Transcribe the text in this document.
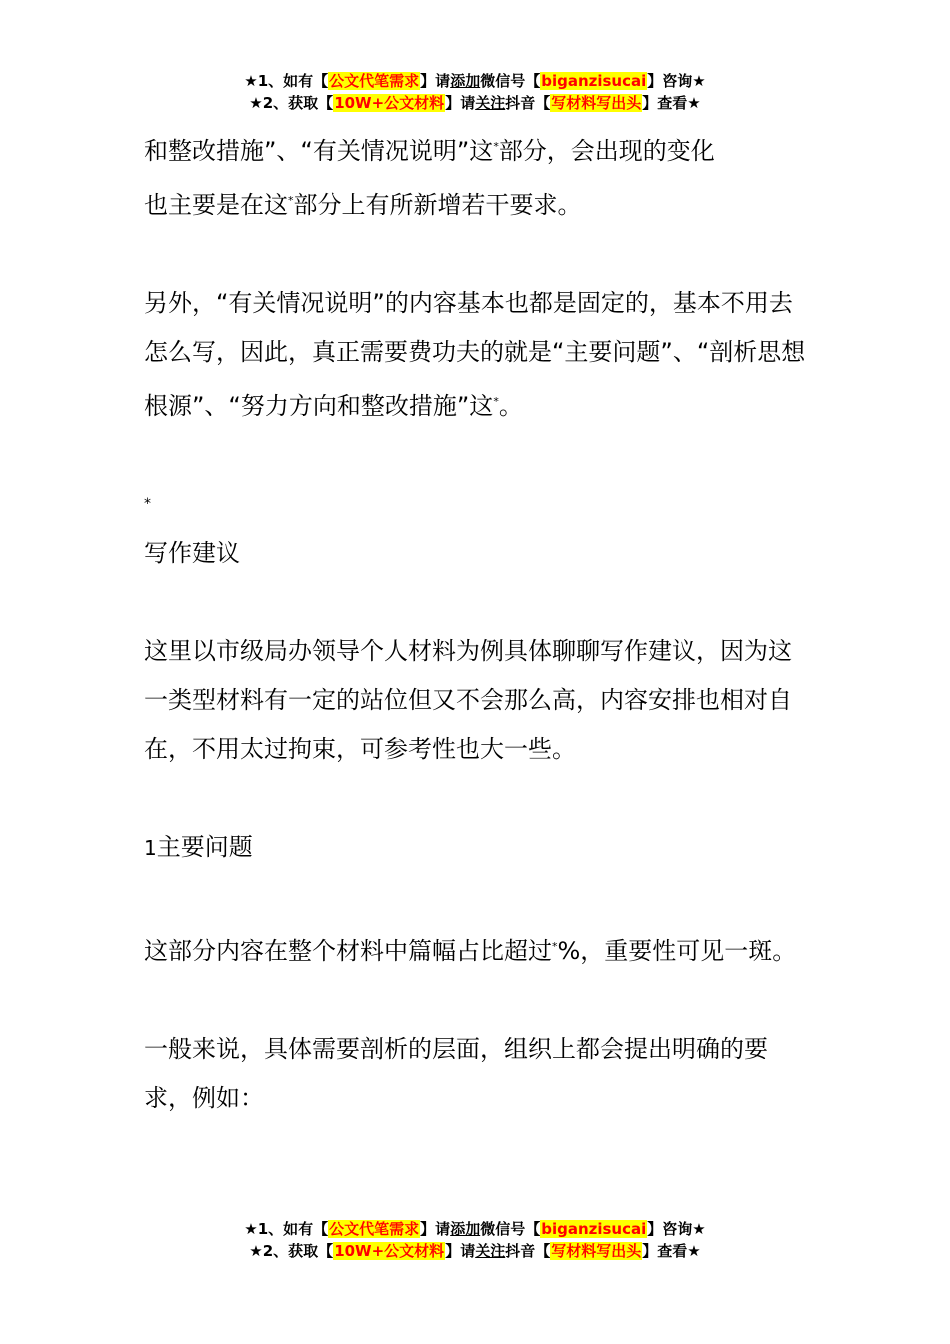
★1、如有【公文代笔需求】请添加微信号【biganzisucai】咨询★
★2、获取【10W+公文材料】请关注抖音【写材料写出头】查看★

和整改措施”、“有关情况说明”这*部分，会出现的变化
也主要是在这*部分上有所新增若干要求。

另外，“有关情况说明”的内容基本也都是固定的，基本不用去怎么写，因此，真正需要费功夫的就是“主要问题”、“剖析思想根源”、“努力方向和整改措施”这*。

*

写作建议

这里以市级局办领导个人材料为例具体聊聊写作建议，因为这一类型材料有一定的站位但又不会那么高，内容安排也相对自在，不用太过拘束，可参考性也大一些。

1主要问题

这部分内容在整个材料中篇幅占比超过*%，重要性可见一斑。

一般来说，具体需要剖析的层面，组织上都会提出明确的要求，例如：

★1、如有【公文代笔需求】请添加微信号【biganzisucai】咨询★
★2、获取【10W+公文材料】请关注抖音【写材料写出头】查看★
